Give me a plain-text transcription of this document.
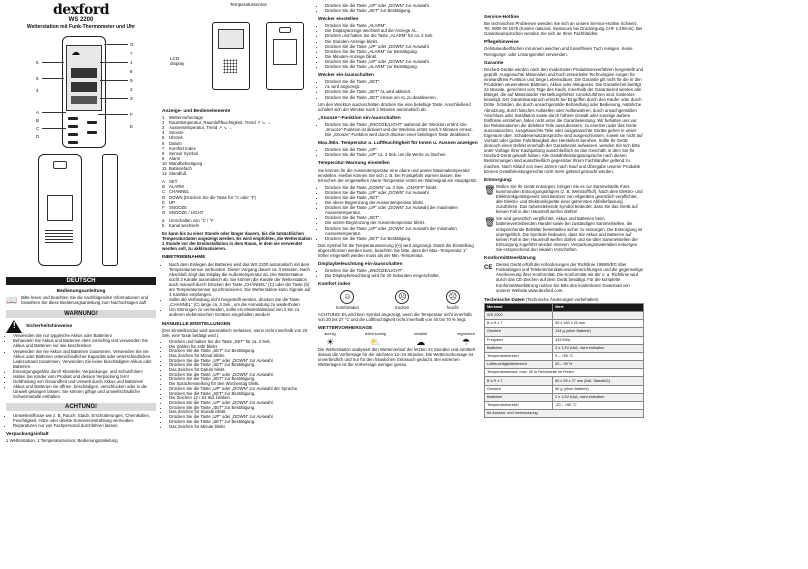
dexford
WS 2200
Wetterstation mit Funk-Thermometer und Uhr
☁
G
7
1
8
9
2
3
F
E
5
6
4
A
B
C
D
DEUTSCH
Bedienungsanleitung
📖 Bitte lesen und beachten Sie die nachfolgenden Informationen und bewahren Sie diese Bedienungsanleitung zum Nachschlagen auf!

WARNUNG!
! Sicherheitshinweise
• Verwenden Sie nur typgleiche Akkus oder Batterien!
• Behandeln Sie Akkus und Batterien stets vorsichtig und verwenden Sie Akkus und Batterien nur wie beschrieben.
• Verwenden Sie nie Akkus und Batterien zusammen. Verwenden Sie nie Akkus oder Batterien unterschiedlicher Kapazität oder unterschiedlichen Ladezustand zusammen. Verwenden Sie keine beschädigten Akkus oder Batterien.
• Entsorgungsgefahr durch Kleinteile, Verpackungs- und Schutzfolien!
• Halten Sie Kinder vom Produkt und dessen Verpackung fern!
• Gefährdung von Gesundheit und Umwelt durch Akkus und Batterien!
• Akkus und Batterien nie öffnen, beschädigen, verschlucken oder in die Umwelt gelangen lassen. Sie können giftige und umweltschädliche Schwermetalle enthalten.
ACHTUNG!
• Umwelteinflüsse wie z. B. Rauch, Staub, Erschütterungen, Chemikalien, Feuchtigkeit, Hitze oder direkte Sonneneinstrahlung vermeiden.
• Reparaturen nur von Fachpersonal durchführen lassen.
Verpackungsinhalt

1 Wetterstation, 1 Temperatursensor, Bedienungsanleitung

Temperatursensor
LCD display
Anzeige- und Bedienelemente
1	Wettervorhersage
2	Raumtemperatur, Raumluftfeuchtigkeit, Trend ↗ ↘ →
3	Aussentemperatur, Trend ↗ ↘ →
4	Snooze
5	Uhrzeit
6	Datum
7	Komfort Index
8	Sensor Symbol
9	Alarm
10 Wandbefestigung
11 Batteriefach
12 Standfuß
A SET
B ALARM
C CHANNEL
D DOWN (Drücken Sie die Taste für °C oder °F)
E UP
F	SNOOZE
G SNOOZE / LIGHT
a	Umschalten von °C / °F
b	Kanal wechseln

Es kann bis zu einer Stunde oder länger dauern, bis die tatsächlichen Temperaturdaten angezeigt werden. Es wird empfohlen, die Wetterstation 1 Stunde vor der Erstinstallation in dem Raum, in dem sie verwendet werden soll, zu akklimatisieren.

INBETRIEBNAHME
• Nach dem Einlegen der Batterien wird das WS 2200 automatisch mit dem Temperatursensor verbunden. Dieser Vorgang dauert ca. 3 Minuten. Nach Abschluß zeigt das Display die Außentemperatur an. Die Wetterstation sucht 3 Kanäle automatisch ab. Sie können die Kanäle der Wetterstation auch manuell durch Drücken der Taste „CHANNEL“ (C) oder der Taste (b) am Temperatursensor synchronisieren. Die Wetterstation kann Signale auf 3 Kanälen empfangen.
• Sollte die Verbindung nicht hergestellt werden, drücken Sie die Taste „CHANNEL“ (C) lange ca. 3 Sek., um die Anmeldung zu wiederholen.
• Um Störungen zu vermeiden, sollte ein Mindestabstand von 2,5m zu anderen elektronischen Geräten eingehalten werden!
MANUELLE EINSTELLUNGEN

(Der Einstellmodus wird automatisch verlassen, wenn nicht innerhalb von 20 Sek. eine Taste betätigt wird.)

• Drücken und halten Sie die Taste „SET“ für ca. 2 Sek.
• Die Zahlen für Jahr blinkt.
• Drücken Sie die Taste „SET“ zur Bestätigung.
• Das Zeichen für Monat blinkt.
• Drücken Sie die Taste „UP“ oder „DOWN“ zur Auswahl.
• Drücken Sie die Taste „SET“ zur Bestätigung.
• Das Zeichen für Datum blinkt.
• Drücken Sie die Taste „UP“ oder „DOWN“ zur Auswahl.
• Drücken Sie die Taste „SET“ zur Bestätigung.
• Die Sprachenstellung für den Wochentag blinkt.
• Drücken Sie die Taste „UP“ oder „DOWN“ zur Auswahl der Sprache.
• Drücken Sie die Taste „SET“ zur Bestätigung.
• Die Zeichen 12 / 24 Std. blinken.
• Drücken Sie die Taste „UP“ oder „DOWN“ zur Auswahl.
• Drücken Sie die Taste „SET“ zur Bestätigung.
• Das Zeichen für Stunde blinkt.
• Drücken Sie die Taste „UP“ oder „DOWN“ zur Auswahl.
• Drücken Sie die Taste „SET“ zur Bestätigung.
• Das Zeichen für Minute blinkt.
• Drücken Sie die Taste „UP“ oder „DOWN“ zur Auswahl.
• Drücken Sie die Taste „SET“ zur Bestätigung.
Wecker einstellen
• Drücken Sie die Taste „ALARM“.
• Die Displayanzeige wechselt auf die Anzeige AL.
• Drücken und halten Sie die Taste „ALARM“ für ca. 2 Sek.
• Die Stunden-Anzeige blinkt.
• Drücken Sie die Taste „UP“ oder „DOWN“ zur Auswahl.
• Drücken Sie die Taste „ALARM“ zur Bestätigung.
• Die Minuten-Anzeige blinkt.
• Drücken Sie die Taste „UP“ oder „DOWN“ zur Auswahl.
• Drücken Sie die Taste „ALARM“ zur Bestätigung.
Wecker ein-/ausschalten
• Drücken Sie die Taste „SET“.
• AL wird angezeigt.
• Drücken Sie die Taste „SET“ AL wird aktiviert.
• Drücken Sie die Taste „SET“ erneut um AL zu deaktivieren.

Um den Weckton auszuschalten drücken Sie eine beliebige Taste. Anschließend schaltet sich der Wecker nach 2 Minuten automatisch ab.

„Snooze“-Funktion ein-/ausschalten
• Drücken Sie die Taste „SNOOZE/LIGHT“ während der Weckton ertönt. Die „Snooze“-Funktion ist aktiviert und der Weckton ertönt nach 5 Minuten erneut. Die „Snooze“-Funktion wird durch drücken einer beliebigen Taste deaktiviert.
Max./Min. Temperatur u. Luftfeuchtigkeit für Innen u. Aussen anzeigen
• Drücken Sie die Taste „UP“.
• Drücken Sie die Taste „UP“ ca. 3 Sek. um die Werte zu löschen.
Temperatur-Warnung einstellen

Sie können für die Aussentemperatur eine obere und untere Maximaltemperatur einstellen. Hierbei können Sie sich z. B. bei Frostgefahr warnen lassen. Bei Erreichen der eingestellten Alarm-Temperatur ertönt ein Warnsignal am Hauptgerät.

• Drücken Sie die Taste „DOWN“ ca. 3 Sek. „ON/OFF“ blinkt.
• Drücken Sie die Taste „UP“ oder „DOWN“ zur Auswahl.
• Drücken Sie die Taste „SET“.
• Die obere Begrenzung der Aussentemperatur blinkt.
• Drücken Sie die Taste „UP“ oder „DOWN“ zur Auswahl der maximalen Aussentemperatur.
• Drücken Sie die Taste „SET“.
• Die untere Begrenzung der Aussentemperatur blinkt.
• Drücken Sie die Taste „UP“ oder „DOWN“ zur Auswahl der minimalen Aussentemperatur.
• Drücken Sie die Taste „SET“ zur Bestätigung.

Das Symbol für die Temperaturwarnung ((•)) wird angezeigt. Damit die Einstellung abgeschlossen werden kann, beachten Sie bitte, dass der Max.-Temperatur 1° höher eingestellt werden muss als der Min.-Temperatur.

Displaybeleuchtung ein-/ausschalten
• Drücken Sie die Taste „SNOOZE/LIGHT“.
• Die Displaybeleuchtung wird für 20 Sekunden eingeschaltet.
Komfort index
☺
komfortabel
☹
trocken
☹
feucht

ACHTUNG! Es wird kein Symbol angezeigt, wenn die Temperatur nicht innerhalb von 20 bis 27 °C und die Luftfeuchtigkeit nicht innerhalb von 40 bis 70 % liegt.

WETTERVORHERSAGE
sonnig
☀
leicht sonnig
⛅
bewölkt
☁
regnerisch
☂

Die Wetterstation analysiert den Wetterverlauf der letzten 24 Stunden und ermittelt daraus die Vorhersage für die nächsten 12–24 Stunden. Die Wettervorhersage ist unverbindlich und nur für den häuslichen Gebrauch gedacht. Bei extremen Wetterlagen ist die Vorhersage weniger genau.

Service-Hotline

Bei technischen Problemen wenden Sie sich an unsere Service-Hotline Schweiz. Tel. 0900 00 1675 (Kosten national, Swisscom bei Drucklegung CHF 2,49/min). Bei Garantieansprüchen wenden Sie sich an Ihren Fachhändler.

Pflegehinweise

Gehäuseoberflächen mit einem weichen und fusselfreien Tuch reinigen. Keine Reinigungs- oder Lösungsmittel verwenden.

Garantie

Dexford-Geräte werden nach den modernsten Produktionsverfahren hergestellt und geprüft. Ausgesuchte Materialien und hoch entwickelte Technologien sorgen für einwandfreie Funktion und lange Lebensdauer. Die Garantie gilt nicht für die in den Produkten verwendeten Batterien, Akkus oder Akkupacks. Die Garantiezeit beträgt 24 Monate, gerechnet vom Tage des Kaufs. Innerhalb der Garantiezeit werden alle Mängel, die auf Materialoder Herstellungsfehler zurückzuführen sind, kostenlos beseitigt. Der Garantieanspruch erlischt bei Eingriffen durch den Käufer oder durch Dritte. Schäden, die durch unsachgemäße Behandlung oder Bedienung, natürliche Abnutzung, durch falsches Aufstellen oder Aufbewahren, durch unsachgemäßen Anschluss oder Installation sowie durch höhere Gewalt oder sonstige äußere Einflüsse entstehen, fallen nicht unter die Garantieleistung. Wir behalten uns vor, bei Reklamationen die defekten Teile auszubessern, zu ersetzen oder das Gerät auszutauschen. Ausgetauschte Teile oder ausgetauschte Geräte gehen in unser Eigentum über. Schadenersatzansprüche sind ausgeschlossen, soweit sie nicht auf Vorsatz oder grober Fahrlässigkeit des Herstellers beruhen. Sollte Ihr Gerät dennoch einen Defekt innerhalb der Garantiezeit aufweisen, wenden Sie sich bitte unter Vorlage Ihrer Kaufquittung ausschließlich an das Geschäft, in dem Sie Ihr Dexford-Gerät gekauft haben. Alle Gewährleistungsansprüche nach diesen Bestimmungen sind ausschließlich gegenüber Ihrem Fachhändler geltend zu machen. Nach Ablauf von zwei Jahren nach Kauf und Übergabe unserer Produkte können Gewährleistungsrechte nicht mehr geltend gemacht werden.

Entsorgung:
🗑 Wollen Sie Ihr Gerät entsorgen, bringen Sie es zur Sammelstelle Ihres kommunalen Entsorgungsträgers (z. B. Wertstoffhof). Nach dem Elektro- und Elektronikgerätegesetz sind Besitzer von Altgeräten gesetzlich verpflichtet, alte Elektro- und Elektronikgeräte einer getrennten Abfallerfassung zuzuführen. Das nebenstehende Symbol bedeutet, dass Sie das Gerät auf keinen Fall in den Hausmüll werfen dürfen!

🗑 Sie sind gesetzlich verpflichtet, Akkus und Batterien beim batterievertreibenden Handel sowie bei zuständigen Sammelstellen, die entsprechende Behälter bereitstellen sicher zu entsorgen. Die Entsorgung ist unentgeltlich. Die Symbole bedeuten, dass Sie Akkus und Batterien auf keinen Fall in den Hausmüll werfen dürfen und sie über Sammelstellen der Entsorgung zugeführt werden müssen. Verpackungsmaterialien entsorgen Sie entsprechend den lokalen Vorschriften.

Konformitätserklärung
CE

Dieses Gerät erfüllt die Anforderungen der Richtlinie 1999/5/EG über Funkanlagen und Telekommunikationsendeinrichtungen und die gegenseitige Anerkennung ihrer Konformität. Die Konformität mit der o. a. Richtlinie wird durch das CE-Zeichen auf dem Gerät bestätigt. Für die komplette Konformitätserklärung nutzen Sie bitte den kostenlosen Download von unserer Website www.dexford.com.

Technische Daten (Technische Änderungen vorbehalten)
Merkmal	Wert
WS 2200	
B x H x T	90 x 160 x 20 mm
Gewicht	134 g (ohne Batterie)
Frequenz	433 MHz
Batterien	2 x 1,5V AAA, nicht enthalten
Temperaturbereich	0 – +50 °C
Luftfeuchtigkeitsbereich	20 – 90 %
Temperatursensor, max. 30 m Reichweite im Freien	
B x H x T	60 x 95 x 27 mm (inkl. Standfuß)
Gewicht	50 g (ohne Batterie)
Batterien	2 x 1,5V AAA, nicht enthalten
Temperaturbereich	-20 – +60 °C
für Aussen- und Innennutzung	
